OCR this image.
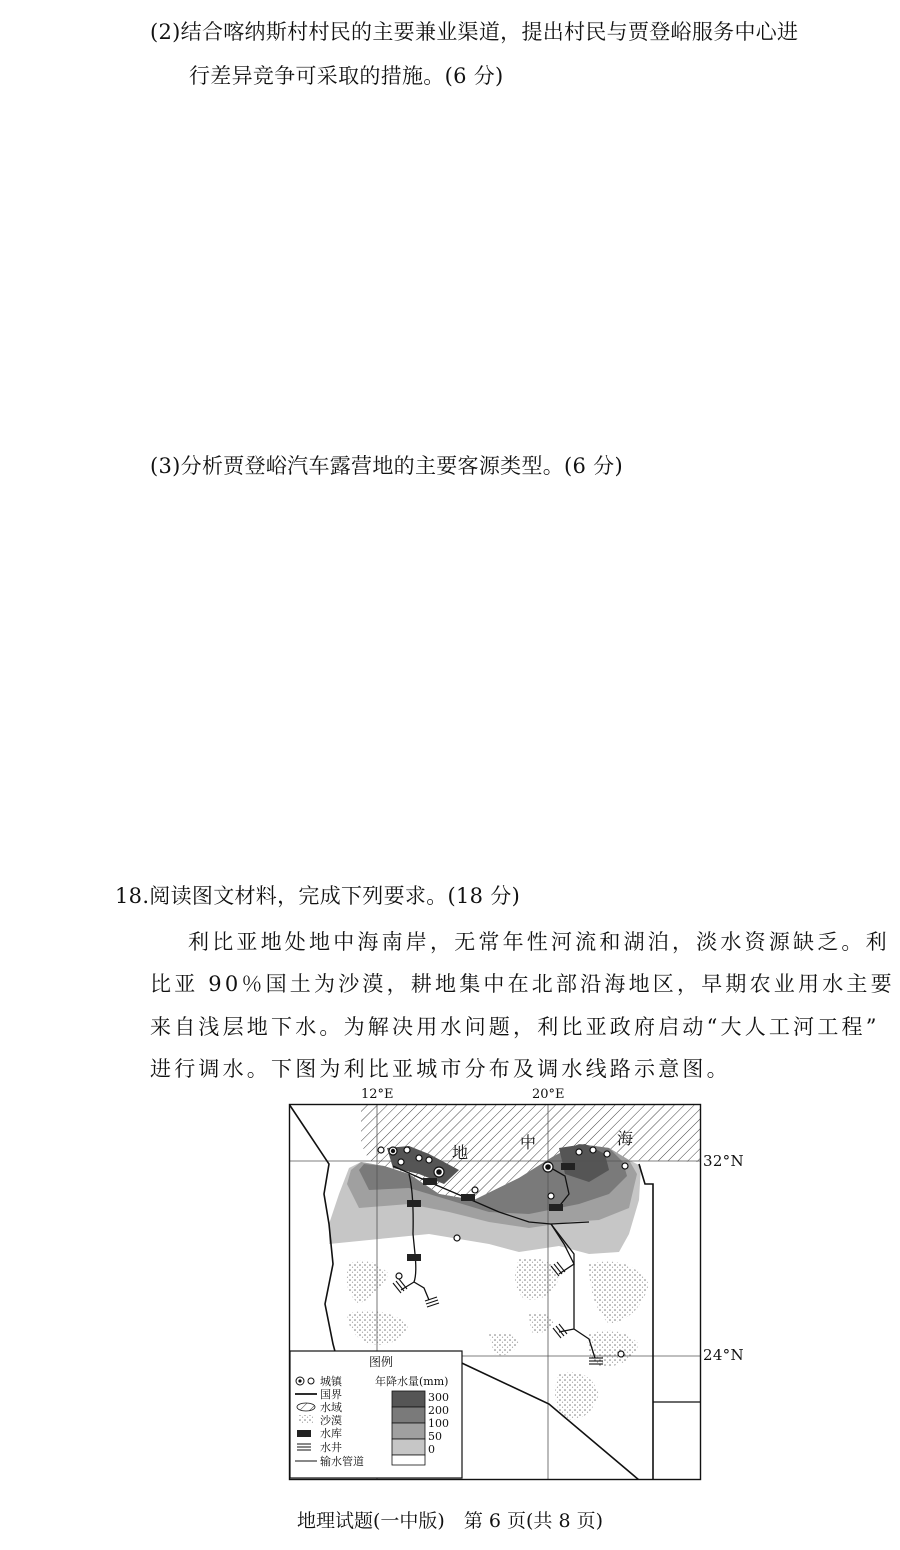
(2)结合喀纳斯村村民的主要兼业渠道，提出村民与贾登峪服务中心进
行差异竞争可采取的措施。(6 分)
(3)分析贾登峪汽车露营地的主要客源类型。(6 分)
18.阅读图文材料，完成下列要求。(18 分)
利比亚地处地中海南岸，无常年性河流和湖泊，淡水资源缺乏。利
比亚 90％国土为沙漠，耕地集中在北部沿海地区，早期农业用水主要
来自浅层地下水。为解决用水问题，利比亚政府启动“大人工河工程”
进行调水。下图为利比亚城市分布及调水线路示意图。
地
中	海
图例
城镇
国界
水域
沙漠
水库
水井
输水管道
年降水量(mm)
300
200
100
50
0
12°E	20°E
32°N
24°N
地理试题(一中版)　第 6 页(共 8 页)
